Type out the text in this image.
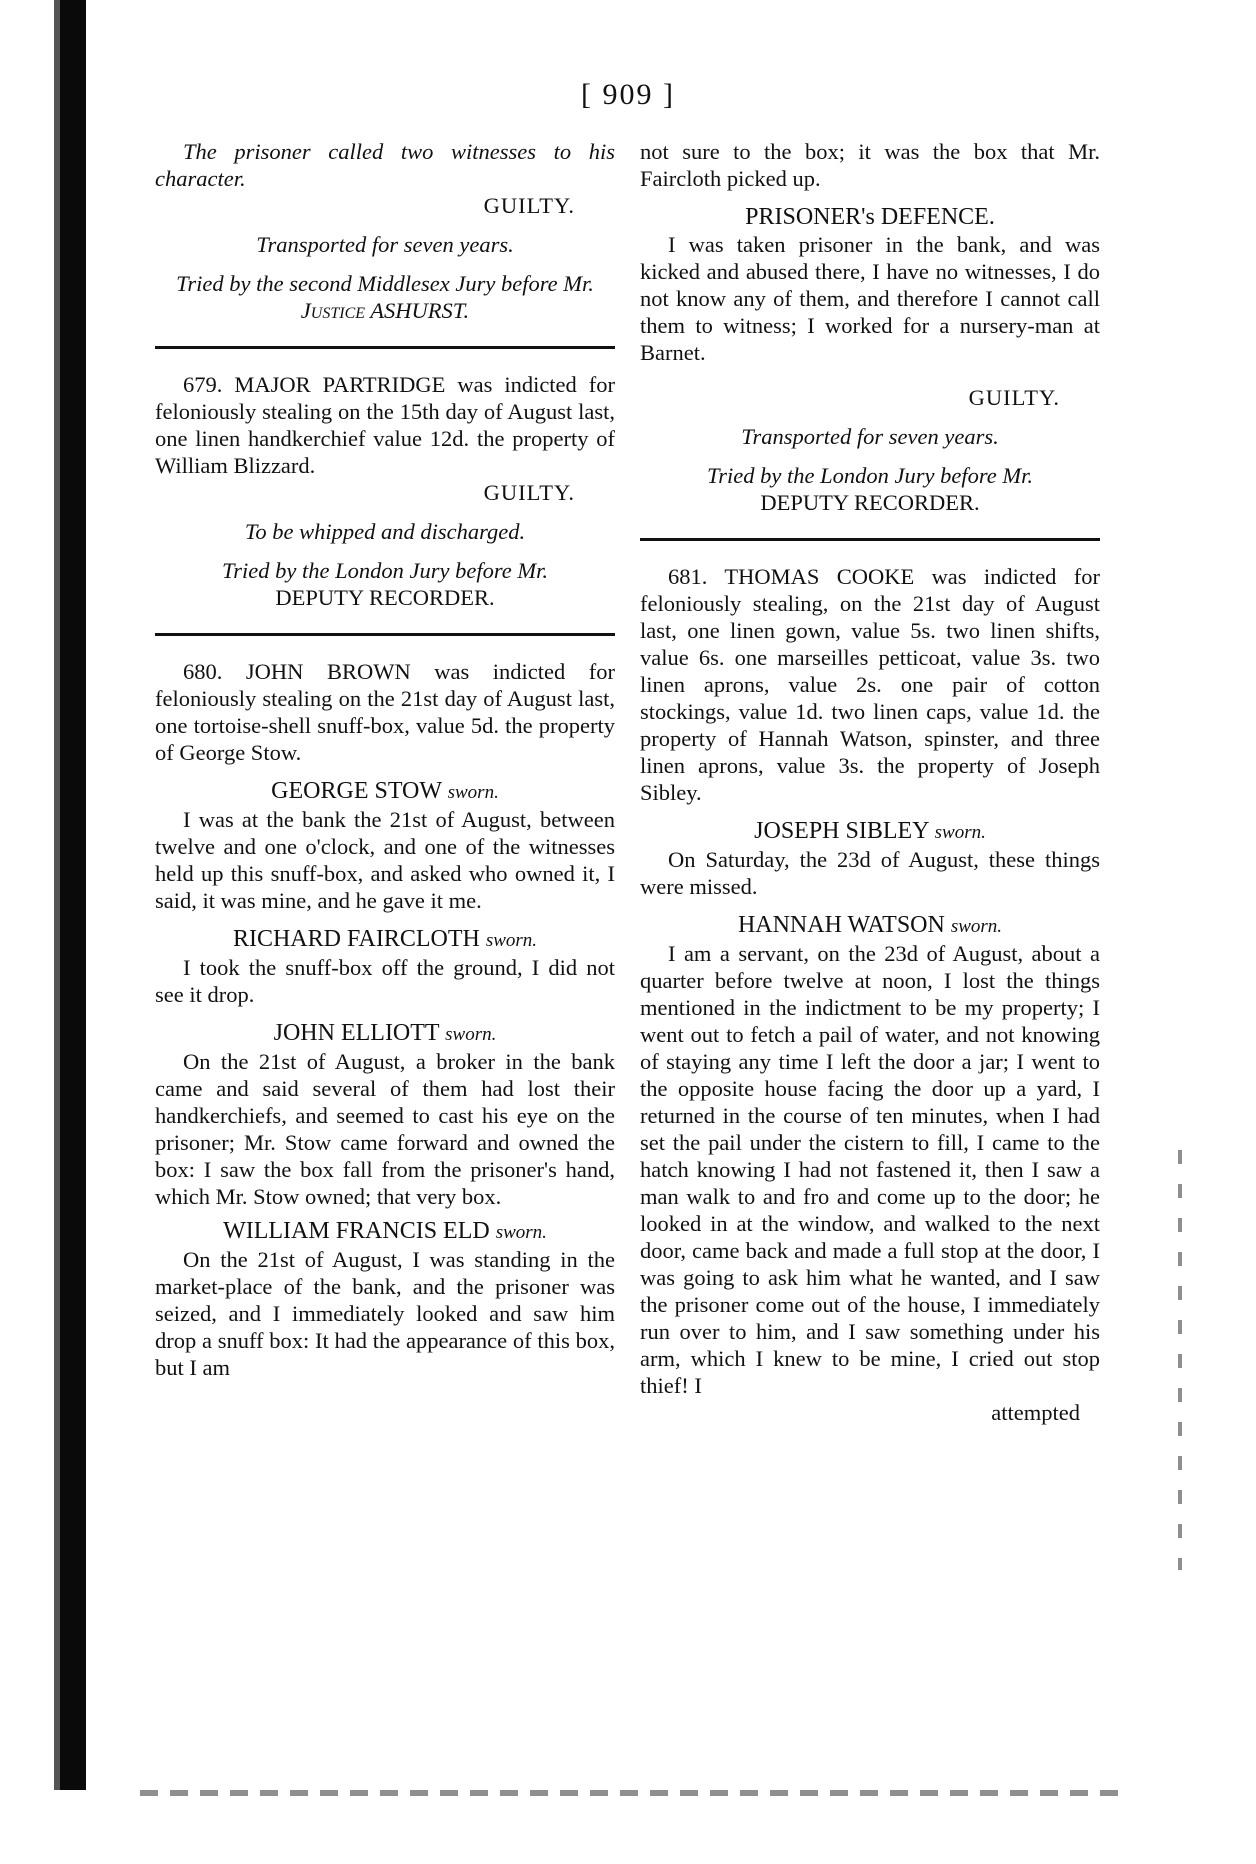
[ 909 ]

The prisoner called two witnesses to his character.

GUILTY.

Transported for seven years.

Tried by the second Middlesex Jury before Mr.

Justice ASHURST.

679. MAJOR PARTRIDGE was indicted for feloniously stealing on the 15th day of August last, one linen handkerchief value 12d. the property of William Blizzard.

GUILTY.

To be whipped and discharged.

Tried by the London Jury before Mr.

DEPUTY RECORDER.

680. JOHN BROWN was indicted for feloniously stealing on the 21st day of August last, one tortoise-shell snuff-box, value 5d. the property of George Stow.

GEORGE STOW sworn.

I was at the bank the 21st of August, between twelve and one o'clock, and one of the witnesses held up this snuff-box, and asked who owned it, I said, it was mine, and he gave it me.

RICHARD FAIRCLOTH sworn.

I took the snuff-box off the ground, I did not see it drop.

JOHN ELLIOTT sworn.

On the 21st of August, a broker in the bank came and said several of them had lost their handkerchiefs, and seemed to cast his eye on the prisoner; Mr. Stow came forward and owned the box: I saw the box fall from the prisoner's hand, which Mr. Stow owned; that very box.

WILLIAM FRANCIS ELD sworn.

On the 21st of August, I was standing in the market-place of the bank, and the prisoner was seized, and I immediately looked and saw him drop a snuff box: It had the appearance of this box, but I am

not sure to the box; it was the box that Mr. Faircloth picked up.

PRISONER's DEFENCE.

I was taken prisoner in the bank, and was kicked and abused there, I have no witnesses, I do not know any of them, and therefore I cannot call them to witness; I worked for a nursery-man at Barnet.

GUILTY.

Transported for seven years.

Tried by the London Jury before Mr.

DEPUTY RECORDER.

681. THOMAS COOKE was indicted for feloniously stealing, on the 21st day of August last, one linen gown, value 5s. two linen shifts, value 6s. one marseilles petticoat, value 3s. two linen aprons, value 2s. one pair of cotton stockings, value 1d. two linen caps, value 1d. the property of Hannah Watson, spinster, and three linen aprons, value 3s. the property of Joseph Sibley.

JOSEPH SIBLEY sworn.

On Saturday, the 23d of August, these things were missed.

HANNAH WATSON sworn.

I am a servant, on the 23d of August, about a quarter before twelve at noon, I lost the things mentioned in the indictment to be my property; I went out to fetch a pail of water, and not knowing of staying any time I left the door a jar; I went to the opposite house facing the door up a yard, I returned in the course of ten minutes, when I had set the pail under the cistern to fill, I came to the hatch knowing I had not fastened it, then I saw a man walk to and fro and come up to the door; he looked in at the window, and walked to the next door, came back and made a full stop at the door, I was going to ask him what he wanted, and I saw the prisoner come out of the house, I immediately run over to him, and I saw something under his arm, which I knew to be mine, I cried out stop thief! I

attempted
